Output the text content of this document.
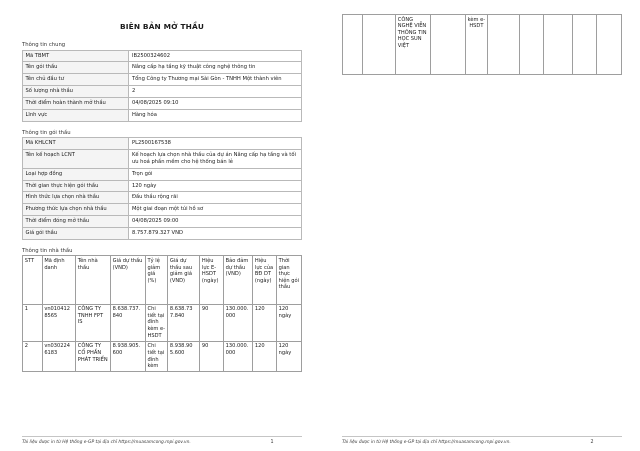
BIÊN BẢN MỞ THẦU
Thông tin chung
Mã TBMT	IB2500324602
Tên gói thầu	Nâng cấp hạ tầng kỹ thuật công nghệ thông tin
Tên chủ đầu tư	Tổng Công ty Thương mại Sài Gòn - TNHH Một thành viên
Số lượng nhà thầu	2
Thời điểm hoàn thành mở thầu	04/08/2025 09:10
Lĩnh vực	Hàng hóa
Thông tin gói thầu
Mã KHLCNT	PL2500167538
Tên kế hoạch LCNT	Kế hoạch lựa chọn nhà thầu của dự án Nâng cấp hạ tầng và tối ưu hoá phần mềm cho hệ thống bán lẻ
Loại hợp đồng	Trọn gói
Thời gian thực hiện gói thầu	120 ngày
Hình thức lựa chọn nhà thầu	Đấu thầu rộng rãi
Phương thức lựa chọn nhà thầu	Một giai đoạn một túi hồ sơ
Thời điểm đóng mở thầu	04/08/2025 09:00
Giá gói thầu	8.757.879.327 VND
Thông tin nhà thầu
STT	Mã định danh	Tên nhà thầu	Giá dự thầu (VND)	Tỷ lệ giảm giá (%)	Giá dự thầu sau giảm giá (VND)	Hiệu lực E-HSDT (ngày)	Bảo đảm dự thầu (VND)	Hiệu lực của BĐ DT (ngày)	Thời gian thực hiện gói thầu
1	vn010412 8565	CÔNG TY TNHH FPT IS	8.638.737. 840	Chi tiết tại đính kèm e-HSDT	8.638.73 7.840	90	130.000. 000	120	120 ngày
2	vn030224 6183	CÔNG TY CỔ PHẦN PHÁT TRIỂN	8.938.905. 600	Chi tiết tại đính kèm	8.938.90 5.600	90	130.000. 000	120	120 ngày
Tài liệu được in từ Hệ thống e-GP tại địa chỉ https://muasamcong.mpi.gov.vn.	1
		CÔNG NGHỆ VIỄN THÔNG TIN HỌC SUN VIỆT		kèm e-HSDT					
Tài liệu được in từ Hệ thống e-GP tại địa chỉ https://muasamcong.mpi.gov.vn.	2
